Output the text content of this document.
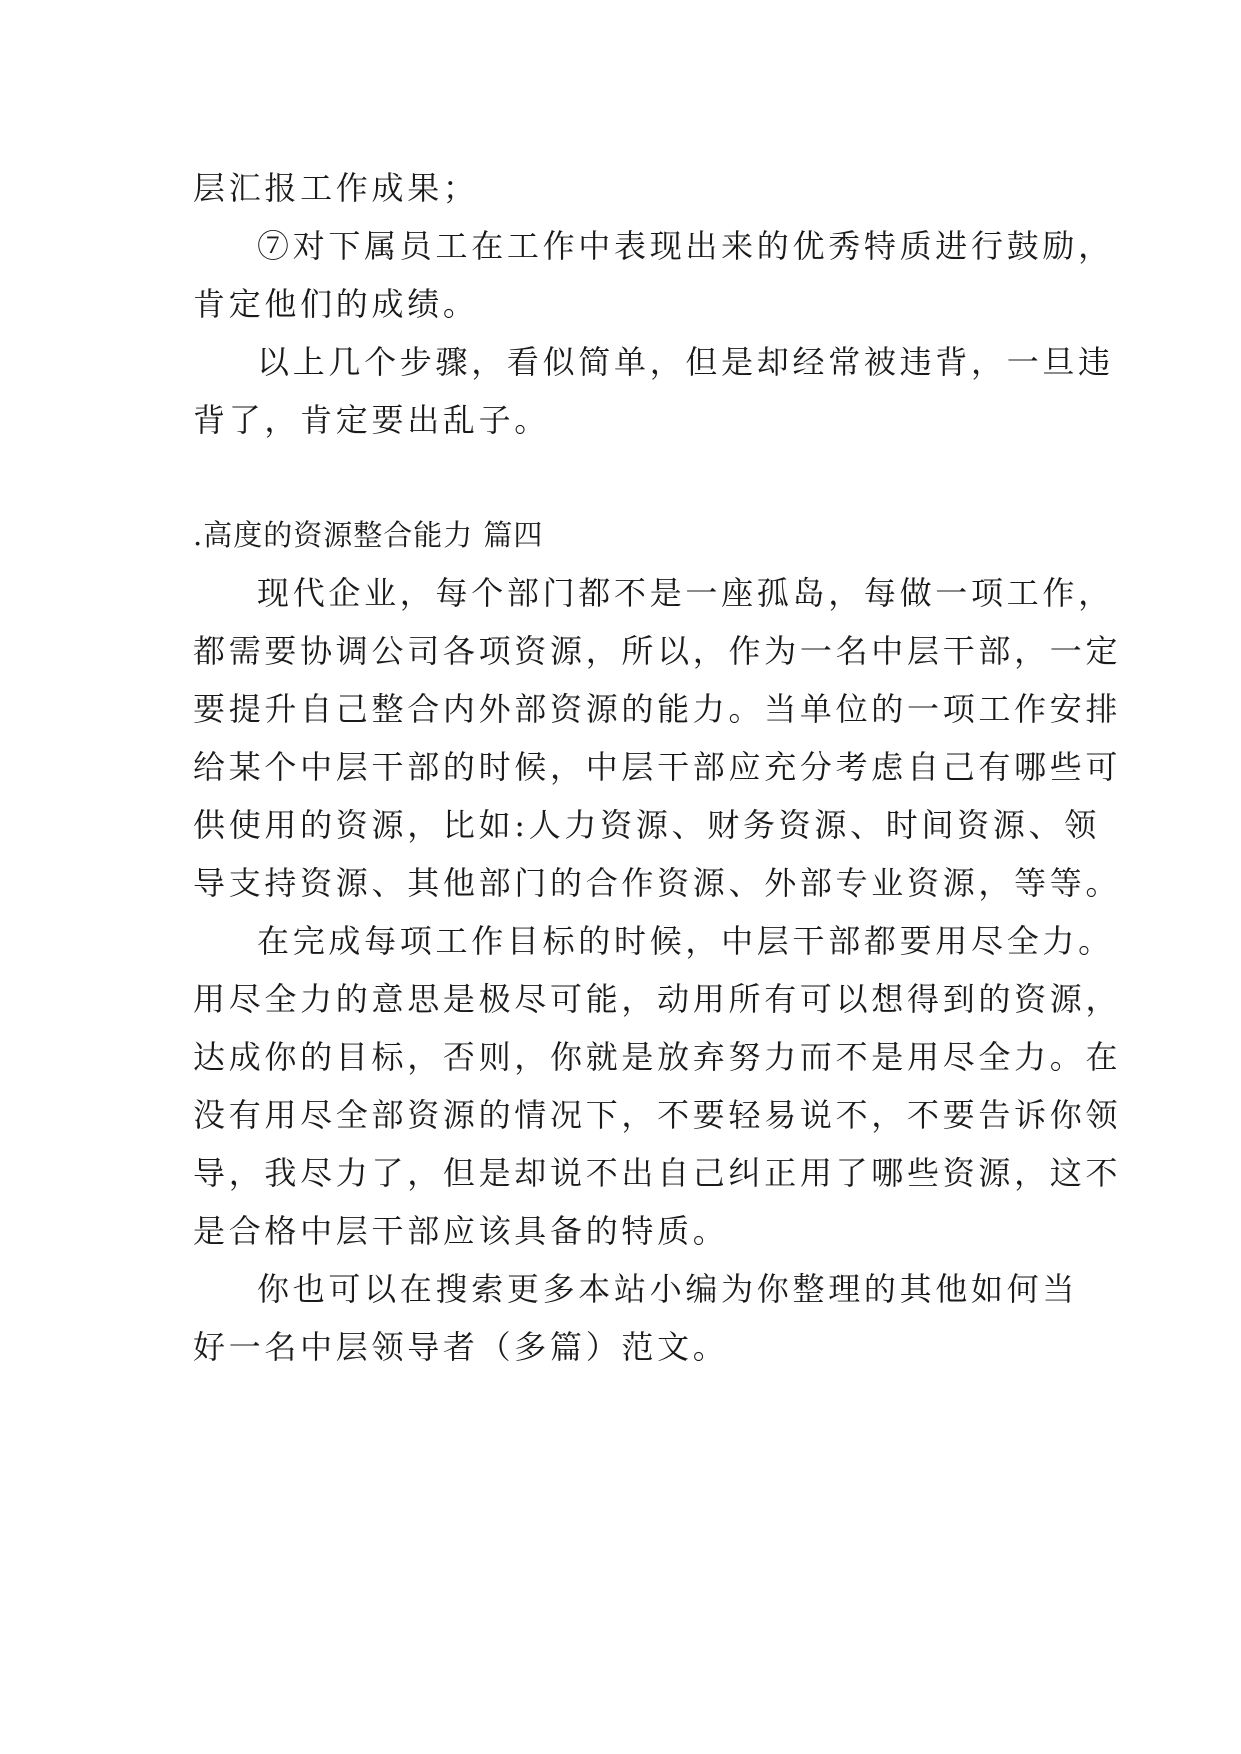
层汇报工作成果；
⑦对下属员工在工作中表现出来的优秀特质进行鼓励，
肯定他们的成绩。
以上几个步骤，看似简单，但是却经常被违背，一旦违
背了，肯定要出乱子。
.高度的资源整合能力 篇四
现代企业，每个部门都不是一座孤岛，每做一项工作，
都需要协调公司各项资源，所以，作为一名中层干部，一定
要提升自己整合内外部资源的能力。当单位的一项工作安排
给某个中层干部的时候，中层干部应充分考虑自己有哪些可
供使用的资源，比如:人力资源、财务资源、时间资源、领
导支持资源、其他部门的合作资源、外部专业资源，等等。
在完成每项工作目标的时候，中层干部都要用尽全力。
用尽全力的意思是极尽可能，动用所有可以想得到的资源，
达成你的目标，否则，你就是放弃努力而不是用尽全力。在
没有用尽全部资源的情况下，不要轻易说不，不要告诉你领
导，我尽力了，但是却说不出自己纠正用了哪些资源，这不
是合格中层干部应该具备的特质。
你也可以在搜索更多本站小编为你整理的其他如何当
好一名中层领导者（多篇）范文。
